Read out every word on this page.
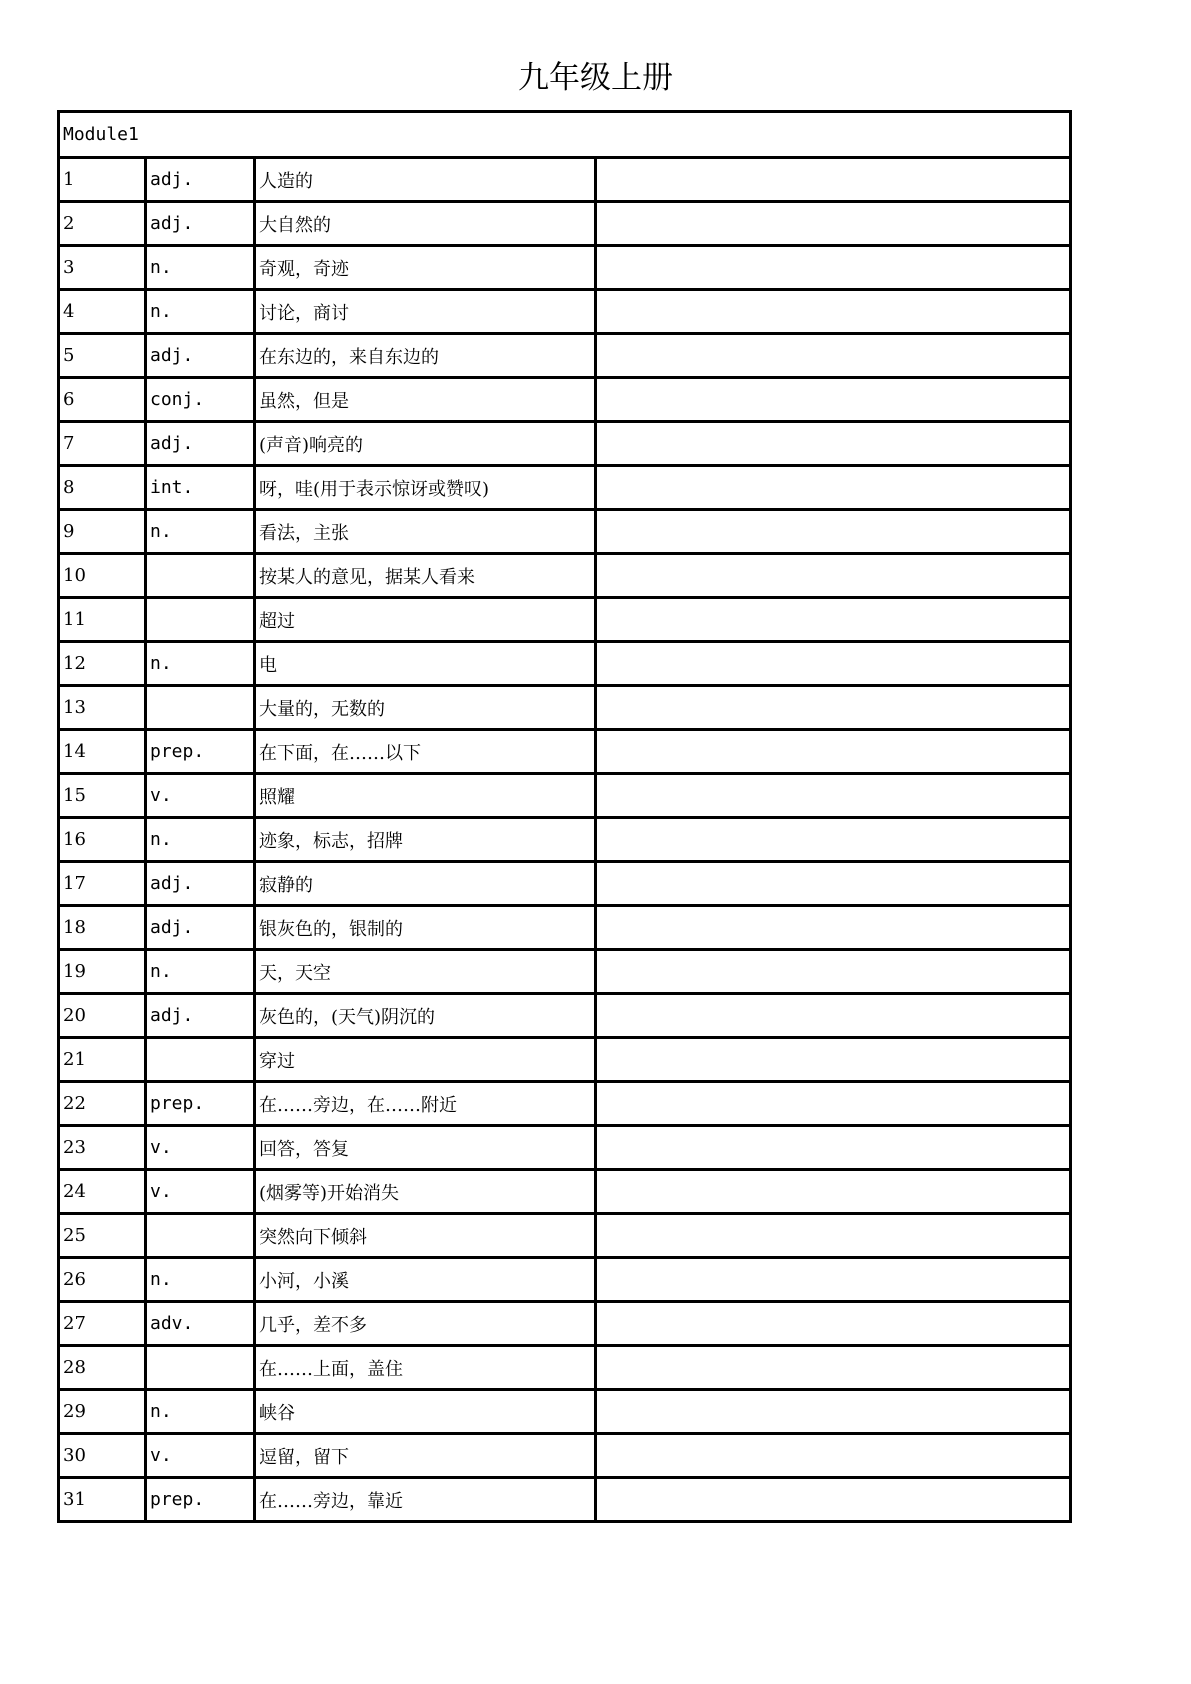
九年级上册
Module1			
1	adj.	人造的	
2	adj.	大自然的	
3	n.	奇观，奇迹	
4	n.	讨论，商讨	
5	adj.	在东边的，来自东边的	
6	conj.	虽然，但是	
7	adj.	(声音)响亮的	
8	int.	呀，哇(用于表示惊讶或赞叹)	
9	n.	看法，主张	
10		按某人的意见，据某人看来	
11		超过	
12	n.	电	
13		大量的，无数的	
14	prep.	在下面，在……以下	
15	v.	照耀	
16	n.	迹象，标志，招牌	
17	adj.	寂静的	
18	adj.	银灰色的，银制的	
19	n.	天，天空	
20	adj.	灰色的，(天气)阴沉的	
21		穿过	
22	prep.	在……旁边，在……附近	
23	v.	回答，答复	
24	v.	(烟雾等)开始消失	
25		突然向下倾斜	
26	n.	小河，小溪	
27	adv.	几乎，差不多	
28		在……上面，盖住	
29	n.	峡谷	
30	v.	逗留，留下	
31	prep.	在……旁边，靠近	
